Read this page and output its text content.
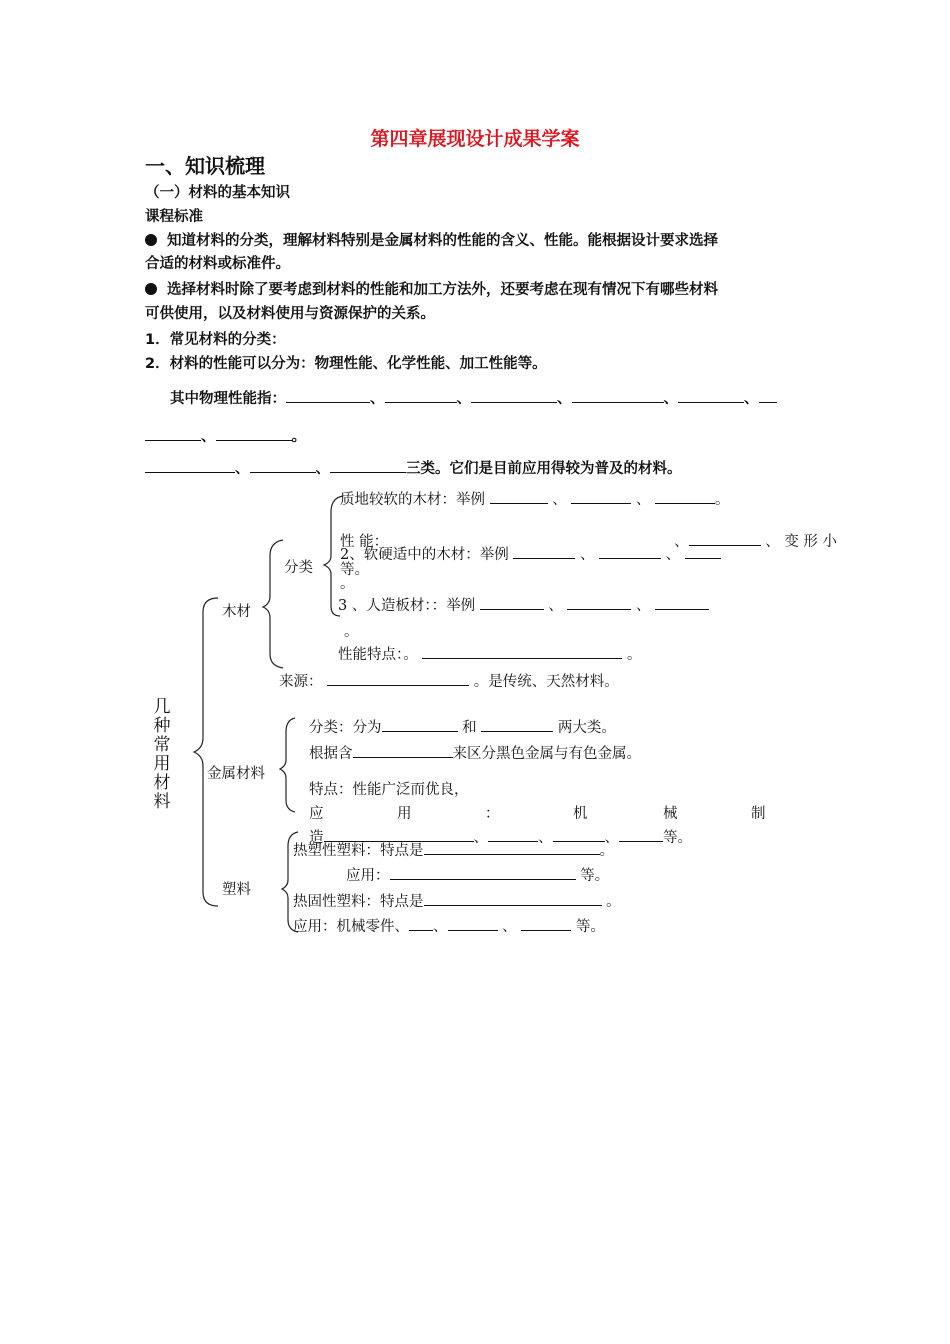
第四章展现设计成果学案
一、知识梳理
（一）材料的基本知识
课程标准
知道材料的分类，理解材料特别是金属材料的性能的含义、性能。能根据设计要求选择
合适的材料或标准件。
选择材料时除了要考虑到材料的性能和加工方法外，还要考虑在现有情况下有哪些材料
可供使用，以及材料使用与资源保护的关系。
1．常见材料的分类：
2．材料的性能可以分为：物理性能、化学性能、加工性能等。
其中物理性能指：	、	、	、	、	、
、	。
、	、	三类。它们是目前应用得较为普及的材料。
几种常用材料
木材
分类
质地较软的木材：举例	、	、	。
性 能：	、	、 变 形 小
2、软硬适中的木材：举例	、	、
等。
。
3 、人造板材：：举例	、	、
。
性能特点：。	。
来源：	。是传统、天然材料。
金属材料
分类：分为	和	两大类。
根据含	来区分黑色金属与有色金属。
特点：性能广泛而优良，
应	用	：	机	械	制
造	、	、	、	等。
塑料
热塑性塑料：特点是	。
应用：	等。
热固性塑料：特点是	。
应用：机械零件、 、	、	等。
